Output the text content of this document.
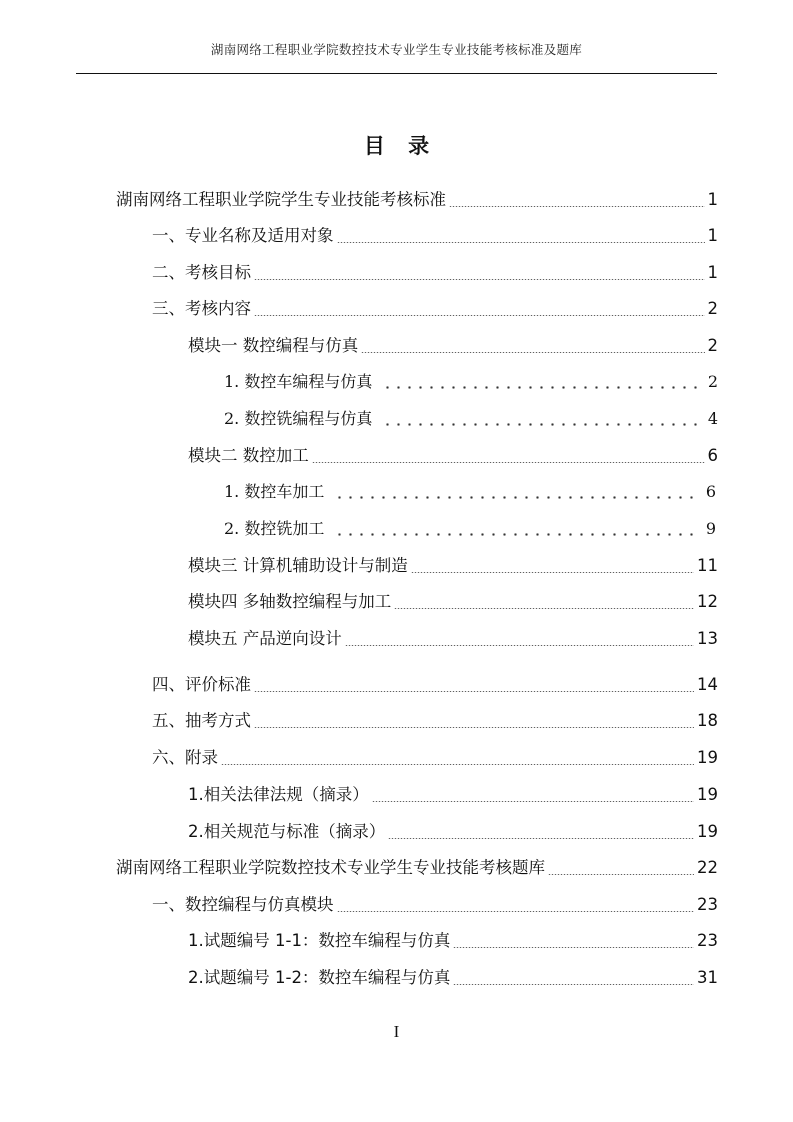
湖南网络工程职业学院数控技术专业学生专业技能考核标准及题库
目 录
湖南网络工程职业学院学生专业技能考核标准	1
一、专业名称及适用对象	1
二、考核目标	1
三、考核内容	2
模块一 数控编程与仿真	2
1. 数控车编程与仿真	2
2. 数控铣编程与仿真	4
模块二 数控加工	6
1. 数控车加工	6
2. 数控铣加工	9
模块三 计算机辅助设计与制造	11
模块四 多轴数控编程与加工	12
模块五 产品逆向设计	13
四、评价标准	14
五、抽考方式	18
六、附录	19
1.相关法律法规（摘录）	19
2.相关规范与标准（摘录）	19
湖南网络工程职业学院数控技术专业学生专业技能考核题库	22
一、数控编程与仿真模块	23
1.试题编号 1-1：数控车编程与仿真	23
2.试题编号 1-2：数控车编程与仿真	31
I
